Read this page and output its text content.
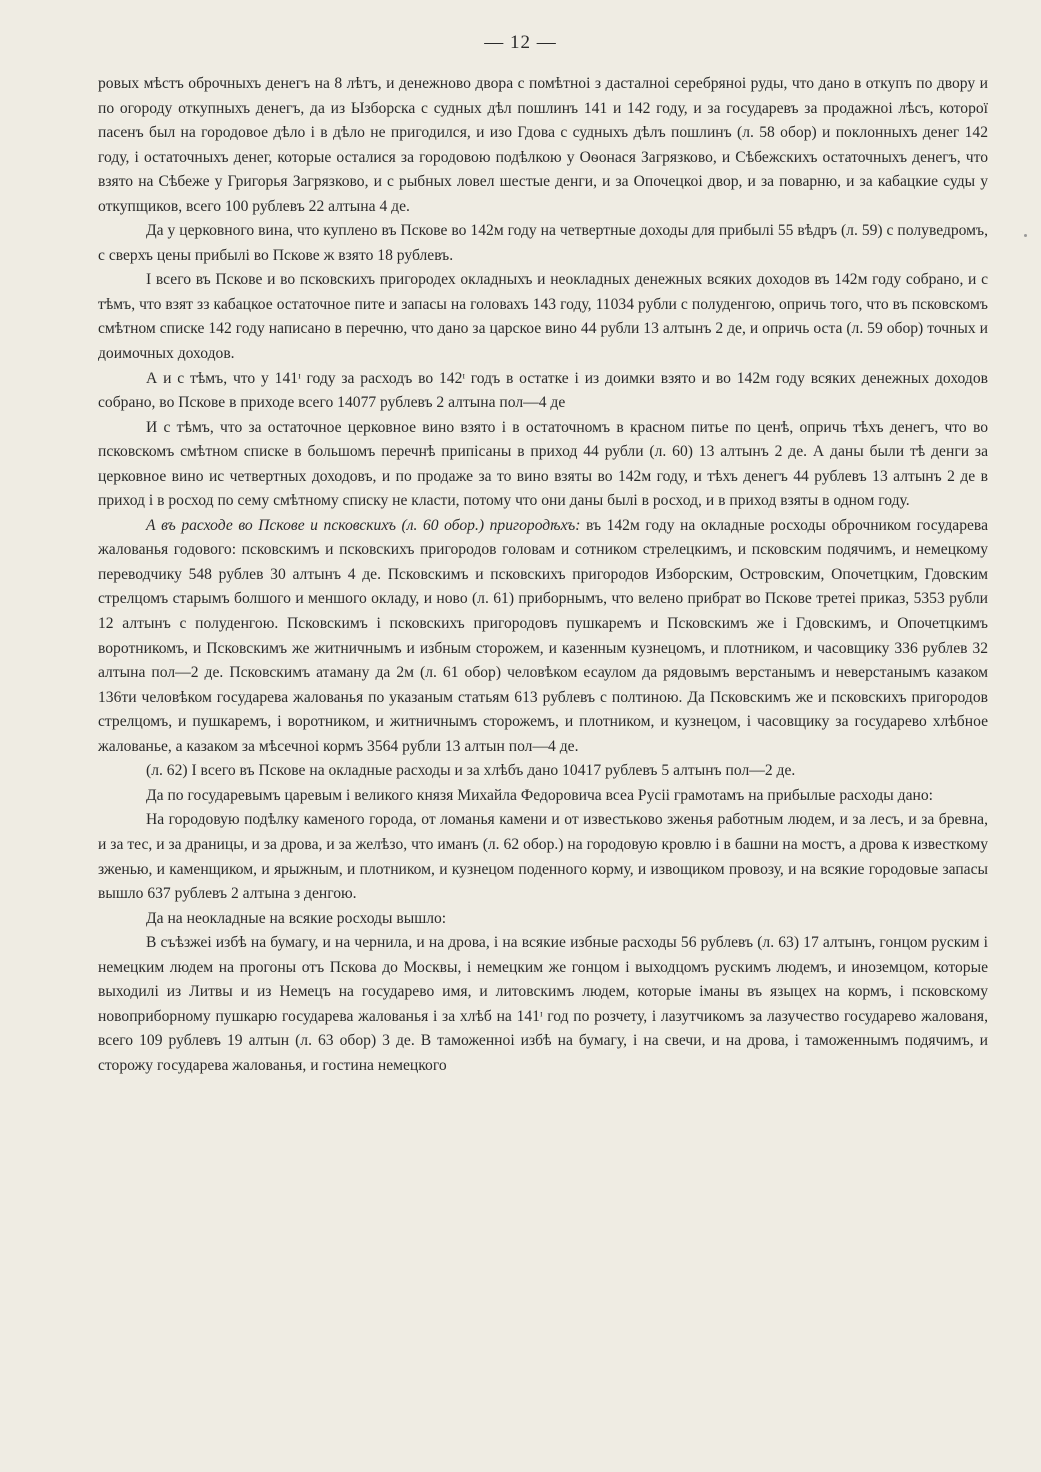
— 12 —

ровых мѣстъ оброчныхъ денегъ на 8 лѣтъ, и денежново двора с помѣтноі з дасталноі серебряноі руды, что дано в откупъ по двору и по огороду откупныхъ денегъ, да из Ызборска с судных дѣл пошлинъ 141 и 142 году, и за государевъ за продажноі лѣсъ, которої пасенъ был на городовое дѣло і в дѣло не пригодился, и изо Гдова с судныхъ дѣлъ пошлинъ (л. 58 обор) и поклонныхъ денег 142 году, і остаточныхъ денег, которые осталися за городовою подѣлкою у Оѳонася Загрязково, и Сѣбежскихъ остаточныхъ денегъ, что взято на Сѣбеже у Григорья Загрязково, и с рыбных ловел шестые денги, и за Опочецкоі двор, и за поварню, и за кабацкие суды у откупщиков, всего 100 рублевъ 22 алтына 4 де.

Да у церковного вина, что куплено въ Пскове во 142м году на четвертные доходы для прибылі 55 вѣдръ (л. 59) с полуведромъ, с сверхъ цены прибылі во Пскове ж взято 18 рублевъ.

І всего въ Пскове и во псковскихъ пригородех окладныхъ и неокладных денежных всяких доходов въ 142м году собрано, и с тѣмъ, что взят зз кабацкое остаточное пите и запасы на головахъ 143 году, 11034 рубли с полуденгою, опричь того, что въ псковскомъ смѣтном списке 142 году написано в перечню, что дано за царское вино 44 рубли 13 алтынъ 2 де, и опричь оста (л. 59 обор) точных и доимочных доходов.

А и с тѣмъ, что у 141ᶦ году за расходъ во 142ᶦ годъ в остатке і из доимки взято и во 142м году всяких денежных доходов собрано, во Пскове в приходе всего 14077 рублевъ 2 алтына пол—4 де

И с тѣмъ, что за остаточное церковное вино взято і в остаточномъ в красном питье по ценѣ, опричь тѣхъ денегъ, что во псковскомъ смѣтном списке в большомъ перечнѣ припісаны в приход 44 рубли (л. 60) 13 алтынъ 2 де. А даны были тѣ денги за церковное вино ис четвертных доходовъ, и по продаже за то вино взяты во 142м году, и тѣхъ денегъ 44 рублевъ 13 алтынъ 2 де в приход і в росход по сему смѣтному списку не класти, потому что они даны былі в росход, и в приход взяты в одном году.

А въ расходе во Пскове и псковскихъ (л. 60 обор.) пригородѣхъ: въ 142м году на окладные росходы оброчником государева жалованья годового: псковскимъ и псковскихъ пригородов головам и сотником стрелецкимъ, и псковским подячимъ, и немецкому переводчику 548 рублев 30 алтынъ 4 де. Псковскимъ и псковскихъ пригородов Изборским, Островским, Опочетцким, Гдовским стрелцомъ старымъ болшого и меншого окладу, и ново (л. 61) приборнымъ, что велено прибрат во Пскове третеі приказ, 5353 рубли 12 алтынъ с полуденгою. Псковскимъ і псковскихъ пригородовъ пушкаремъ и Псковскимъ же і Гдовскимъ, и Опочетцкимъ воротникомъ, и Псковскимъ же житничнымъ и избным сторожем, и казенным кузнецомъ, и плотником, и часовщику 336 рублев 32 алтына пол—2 де. Псковскимъ атаману да 2м (л. 61 обор) человѣком есаулом да рядовымъ верстанымъ и неверстанымъ казаком 136ти человѣком государева жалованья по указаным статьям 613 рублевъ с полтиною. Да Псковскимъ же и псковскихъ пригородов стрелцомъ, и пушкаремъ, і воротником, и житничнымъ сторожемъ, и плотником, и кузнецом, і часовщику за государево хлѣбное жалованье, а казаком за мѣсечноі кормъ 3564 рубли 13 алтын пол—4 де.

(л. 62) І всего въ Пскове на окладные расходы и за хлѣбъ дано 10417 рублевъ 5 алтынъ пол—2 де.

Да по государевымъ царевым і великого князя Михайла Федоровича всеа Русіі грамотамъ на прибылые расходы дано:

На городовую подѣлку каменого города, от ломанья камени и от известьково зженья работным людем, и за лесъ, и за бревна, и за тес, и за драницы, и за дрова, и за желѣзо, что иманъ (л. 62 обор.) на городовую кровлю і в башни на мостъ, а дрова к известкому зженью, и каменщиком, и ярыжным, и плотником, и кузнецом поденного корму, и извощиком провозу, и на всякие городовые запасы вышло 637 рублевъ 2 алтына з денгою.

Да на неокладные на всякие росходы вышло:

В съѣзжеі избѣ на бумагу, и на чернила, и на дрова, і на всякие избные расходы 56 рублевъ (л. 63) 17 алтынъ, гонцом руским і немецким людем на прогоны отъ Пскова до Москвы, і немецким же гонцом і выходцомъ рускимъ людемъ, и иноземцом, которые выходилі из Литвы и из Немецъ на государево имя, и литовскимъ людем, которые іманы въ языцех на кормъ, і псковскому новоприборному пушкарю государева жалованья і за хлѣб на 141ᶦ год по розчету, і лазутчикомъ за лазучество государево жалованя, всего 109 рублевъ 19 алтын (л. 63 обор) 3 де. В таможенноі избѣ на бумагу, і на свечи, и на дрова, і таможеннымъ подячимъ, и сторожу государева жалованья, и гостина немецкого
